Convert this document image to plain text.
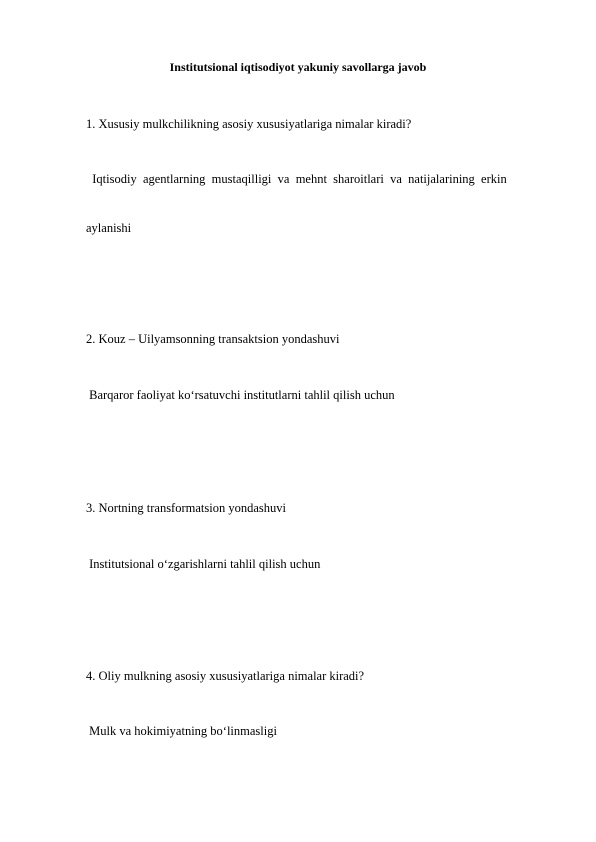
Institutsional iqtisodiyot yakuniy savollarga javob
1. Xususiy mulkchilikning asosiy xususiyatlariga nimalar kiradi?
Iqtisodiy  agentlarning  mustaqilligi  va  mehnt  sharoitlari  va  natijalarining  erkin
aylanishi
2. Kouz – Uilyamsonning transaktsion yondashuvi
Barqaror faoliyat ko‘rsatuvchi institutlarni tahlil qilish uchun
3. Nortning transformatsion yondashuvi
Institutsional o‘zgarishlarni tahlil qilish uchun
4. Oliy mulkning asosiy xususiyatlariga nimalar kiradi?
Mulk va hokimiyatning bo‘linmasligi
